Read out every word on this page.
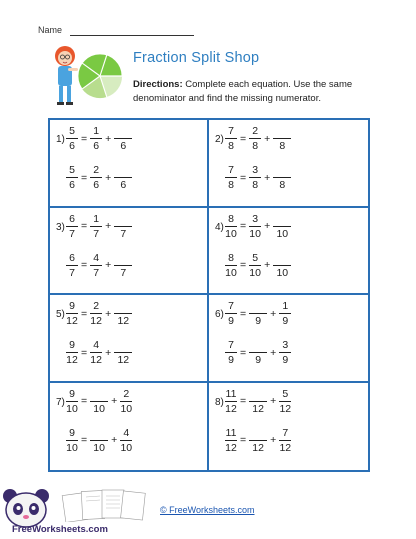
Name
Fraction Split Shop
Directions: Complete each equation. Use the same denominator and find the missing numerator.
$1) \frac{5}{6} = \frac{1}{6}$ +
6
$\frac{5}{6} = \frac{2}{6}$ +
6
$2) \frac{7}{8} = \frac{2}{8}$ +
8
$\frac{7}{8} = \frac{3}{8}$ +
8
$3) \frac{6}{7} = \frac{1}{7}$ +
7
$\frac{6}{7} = \frac{4}{7}$ +
7
$4) \frac{8}{10} = \frac{3}{10}$ +
10
$\frac{8}{10} = \frac{5}{10}$ +
10
$5) \frac{9}{12} = \frac{2}{12}$ +
12
$\frac{9}{12} = \frac{4}{12}$ +
12
$6) \frac{7}{9}$ =
9
+ $\frac{1}{9}$
$\frac{7}{9}$ =
9
+ $\frac{3}{9}$
$7) \frac{9}{10}$ =
10
+ $\frac{2}{10}$
$\frac{9}{10}$ =
10
+ $\frac{4}{10}$
$8) \frac{11}{12}$ =
12
+ $\frac{5}{12}$
$\frac{11}{12}$ =
12
+ $\frac{7}{12}$
FreeWorksheets.com
© FreeWorksheets.com
